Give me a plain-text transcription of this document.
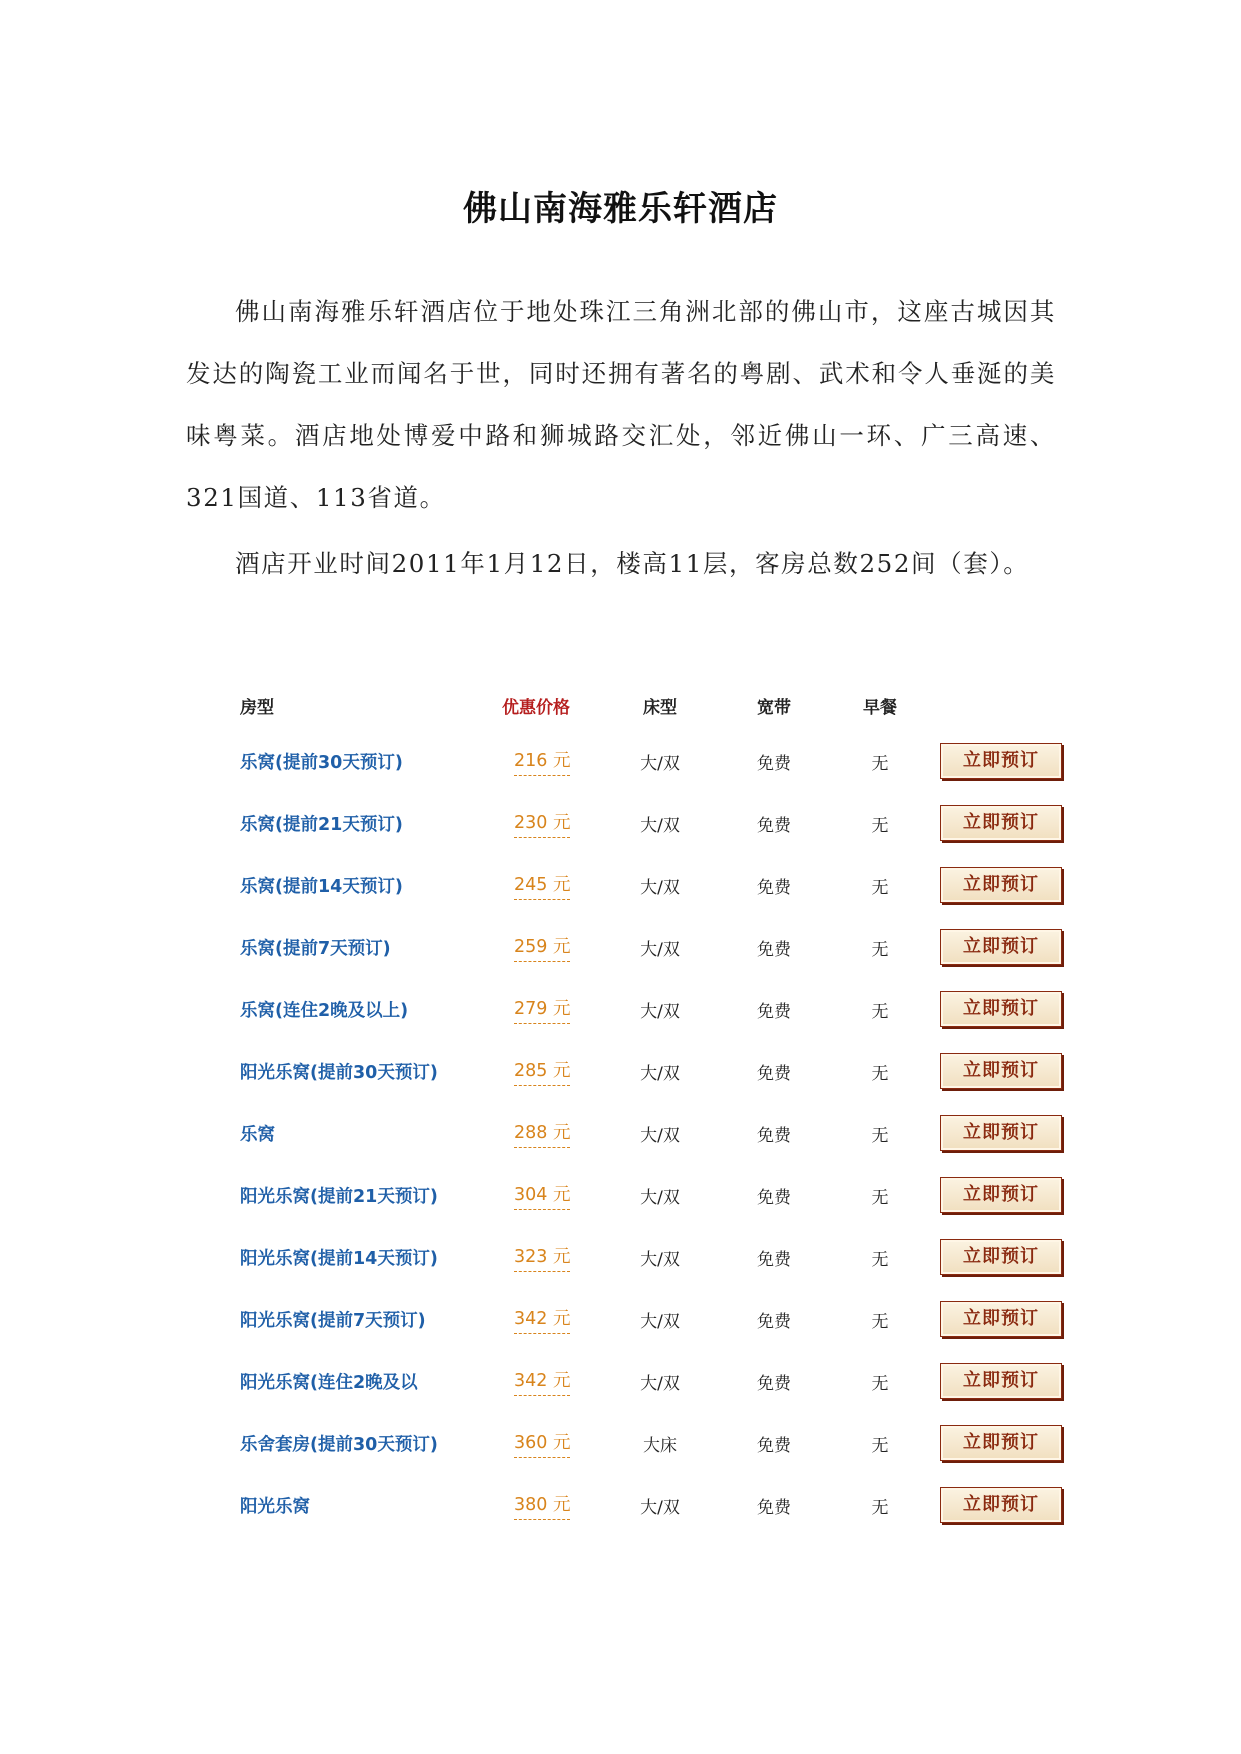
佛山南海雅乐轩酒店

佛山南海雅乐轩酒店位于地处珠江三角洲北部的佛山市，这座古城因其发达的陶瓷工业而闻名于世，同时还拥有著名的粤剧、武术和令人垂涎的美味粤菜。酒店地处博爱中路和狮城路交汇处，邻近佛山一环、广三高速、321国道、113省道。

酒店开业时间2011年1月12日，楼高11层，客房总数252间（套）。

房型	优惠价格	床型	宽带	早餐
乐窝(提前30天预订)	216 元	大/双	免费	无	立即预订
乐窝(提前21天预订)	230 元	大/双	免费	无	立即预订
乐窝(提前14天预订)	245 元	大/双	免费	无	立即预订
乐窝(提前7天预订)	259 元	大/双	免费	无	立即预订
乐窝(连住2晚及以上)	279 元	大/双	免费	无	立即预订
阳光乐窝(提前30天预订)	285 元	大/双	免费	无	立即预订
乐窝	288 元	大/双	免费	无	立即预订
阳光乐窝(提前21天预订)	304 元	大/双	免费	无	立即预订
阳光乐窝(提前14天预订)	323 元	大/双	免费	无	立即预订
阳光乐窝(提前7天预订)	342 元	大/双	免费	无	立即预订
阳光乐窝(连住2晚及以	342 元	大/双	免费	无	立即预订
乐舍套房(提前30天预订)	360 元	大床	免费	无	立即预订
阳光乐窝	380 元	大/双	免费	无	立即预订
